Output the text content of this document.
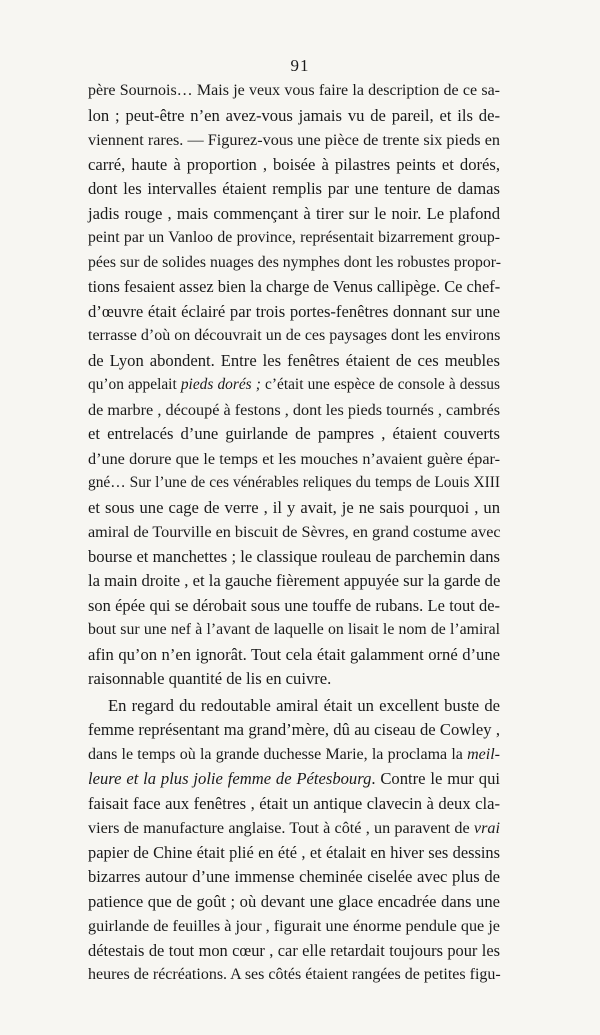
91
père Sournois… Mais je veux vous faire la description de ce sa-
lon ; peut-être n’en avez-vous jamais vu de pareil, et ils de-
viennent rares. — Figurez-vous une pièce de trente six pieds en
carré, haute à proportion , boisée à pilastres peints et dorés,
dont les intervalles étaient remplis par une tenture de damas
jadis rouge , mais commençant à tirer sur le noir. Le plafond
peint par un Vanloo de province, représentait bizarrement group-
pées sur de solides nuages des nymphes dont les robustes propor-
tions fesaient assez bien la charge de Venus callipège. Ce chef-
d’œuvre était éclairé par trois portes-fenêtres donnant sur une
terrasse d’où on découvrait un de ces paysages dont les environs
de Lyon abondent. Entre les fenêtres étaient de ces meubles
qu’on appelait pieds dorés ; c’était une espèce de console à dessus
de marbre , découpé à festons , dont les pieds tournés , cambrés
et entrelacés d’une guirlande de pampres , étaient couverts
d’une dorure que le temps et les mouches n’avaient guère épar-
gné… Sur l’une de ces vénérables reliques du temps de Louis XIII
et sous une cage de verre , il y avait, je ne sais pourquoi , un
amiral de Tourville en biscuit de Sèvres, en grand costume avec
bourse et manchettes ; le classique rouleau de parchemin dans
la main droite , et la gauche fièrement appuyée sur la garde de
son épée qui se dérobait sous une touffe de rubans. Le tout de-
bout sur une nef à l’avant de laquelle on lisait le nom de l’amiral
afin qu’on n’en ignorât. Tout cela était galamment orné d’une
raisonnable quantité de lis en cuivre.
En regard du redoutable amiral était un excellent buste de
femme représentant ma grand’mère, dû au ciseau de Cowley ,
dans le temps où la grande duchesse Marie, la proclama la meil-
leure et la plus jolie femme de Pétesbourg. Contre le mur qui
faisait face aux fenêtres , était un antique clavecin à deux cla-
viers de manufacture anglaise. Tout à côté , un paravent de vrai
papier de Chine était plié en été , et étalait en hiver ses dessins
bizarres autour d’une immense cheminée ciselée avec plus de
patience que de goût ; où devant une glace encadrée dans une
guirlande de feuilles à jour , figurait une énorme pendule que je
détestais de tout mon cœur , car elle retardait toujours pour les
heures de récréations. A ses côtés étaient rangées de petites figu-
